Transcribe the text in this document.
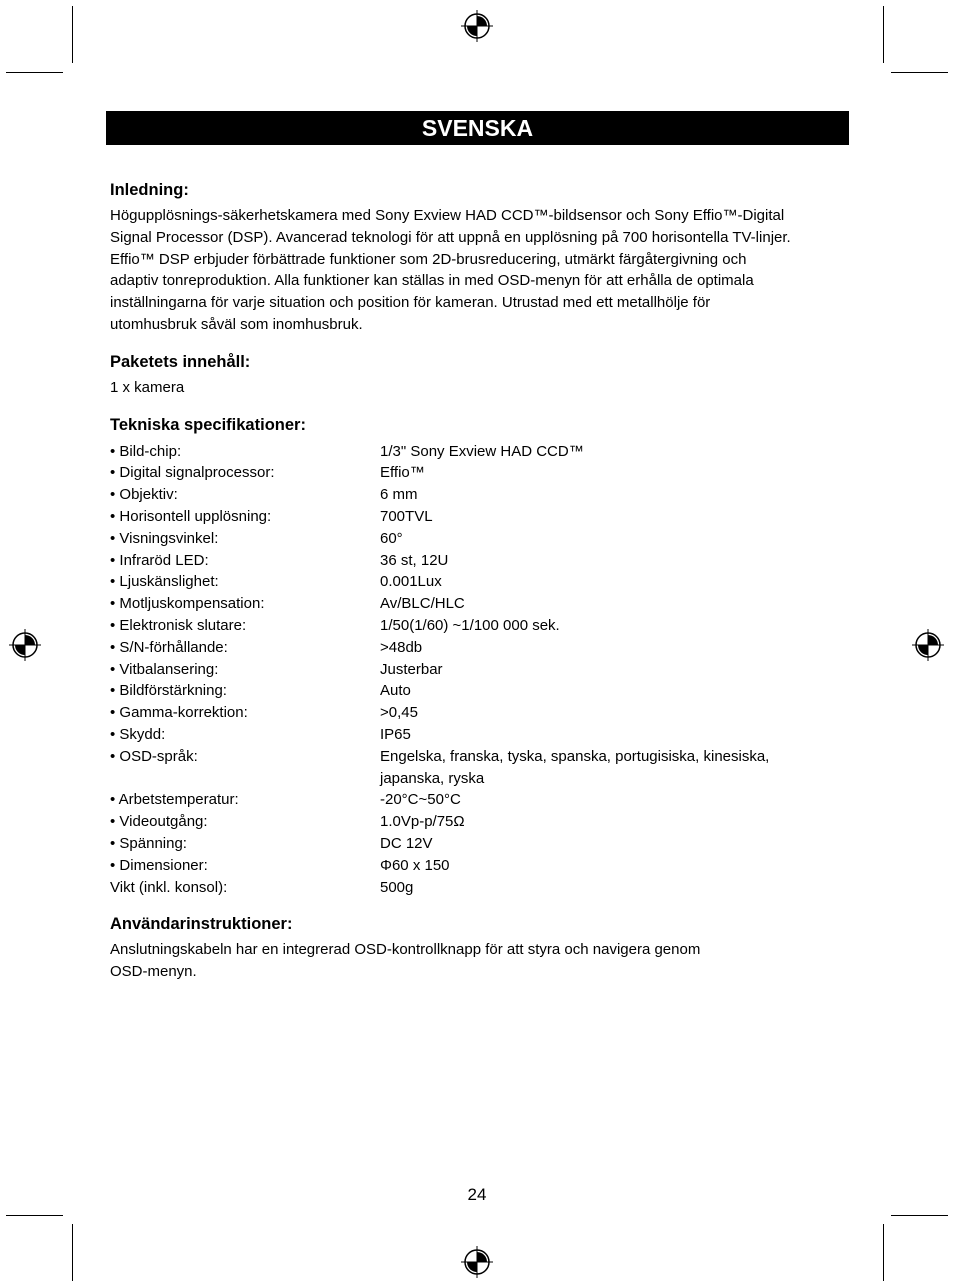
SVENSKA
Inledning:

Högupplösnings-säkerhetskamera med Sony Exview HAD CCD™-bildsensor och Sony Effio™-Digital

Signal Processor (DSP). Avancerad teknologi för att uppnå en upplösning på 700 horisontella TV-linjer.

Effio™ DSP erbjuder förbättrade funktioner som 2D-brusreducering, utmärkt färgåtergivning och

adaptiv tonreproduktion. Alla funktioner kan ställas in med OSD-menyn för att erhålla de optimala

inställningarna för varje situation och position för kameran. Utrustad med ett metallhölje för

utomhusbruk såväl som inomhusbruk.

Paketets innehåll:

1 x kamera

Tekniska specifikationer:
• Bild-chip:	1/3" Sony Exview HAD CCD™
• Digital signalprocessor:	Effio™
• Objektiv:	6 mm
• Horisontell upplösning:	700TVL
• Visningsvinkel:	60°
• Infraröd LED:	36 st, 12U
• Ljuskänslighet:	0.001Lux
• Motljuskompensation:	Av/BLC/HLC
• Elektronisk slutare:	1/50(1/60) ~1/100 000 sek.
• S/N-förhållande:	>48db
• Vitbalansering:	Justerbar
• Bildförstärkning:	Auto
• Gamma-korrektion:	>0,45
• Skydd:	IP65
• OSD-språk:	Engelska, franska, tyska, spanska, portugisiska, kinesiska,
japanska, ryska
• Arbetstemperatur:	-20°C~50°C
• Videoutgång:	1.0Vp-p/75Ω
• Spänning:	DC 12V
• Dimensioner:	Φ60 x 150
Vikt (inkl. konsol):	500g
Användarinstruktioner:

Anslutningskabeln har en integrerad OSD-kontrollknapp för att styra och navigera genom

OSD-menyn.

24
